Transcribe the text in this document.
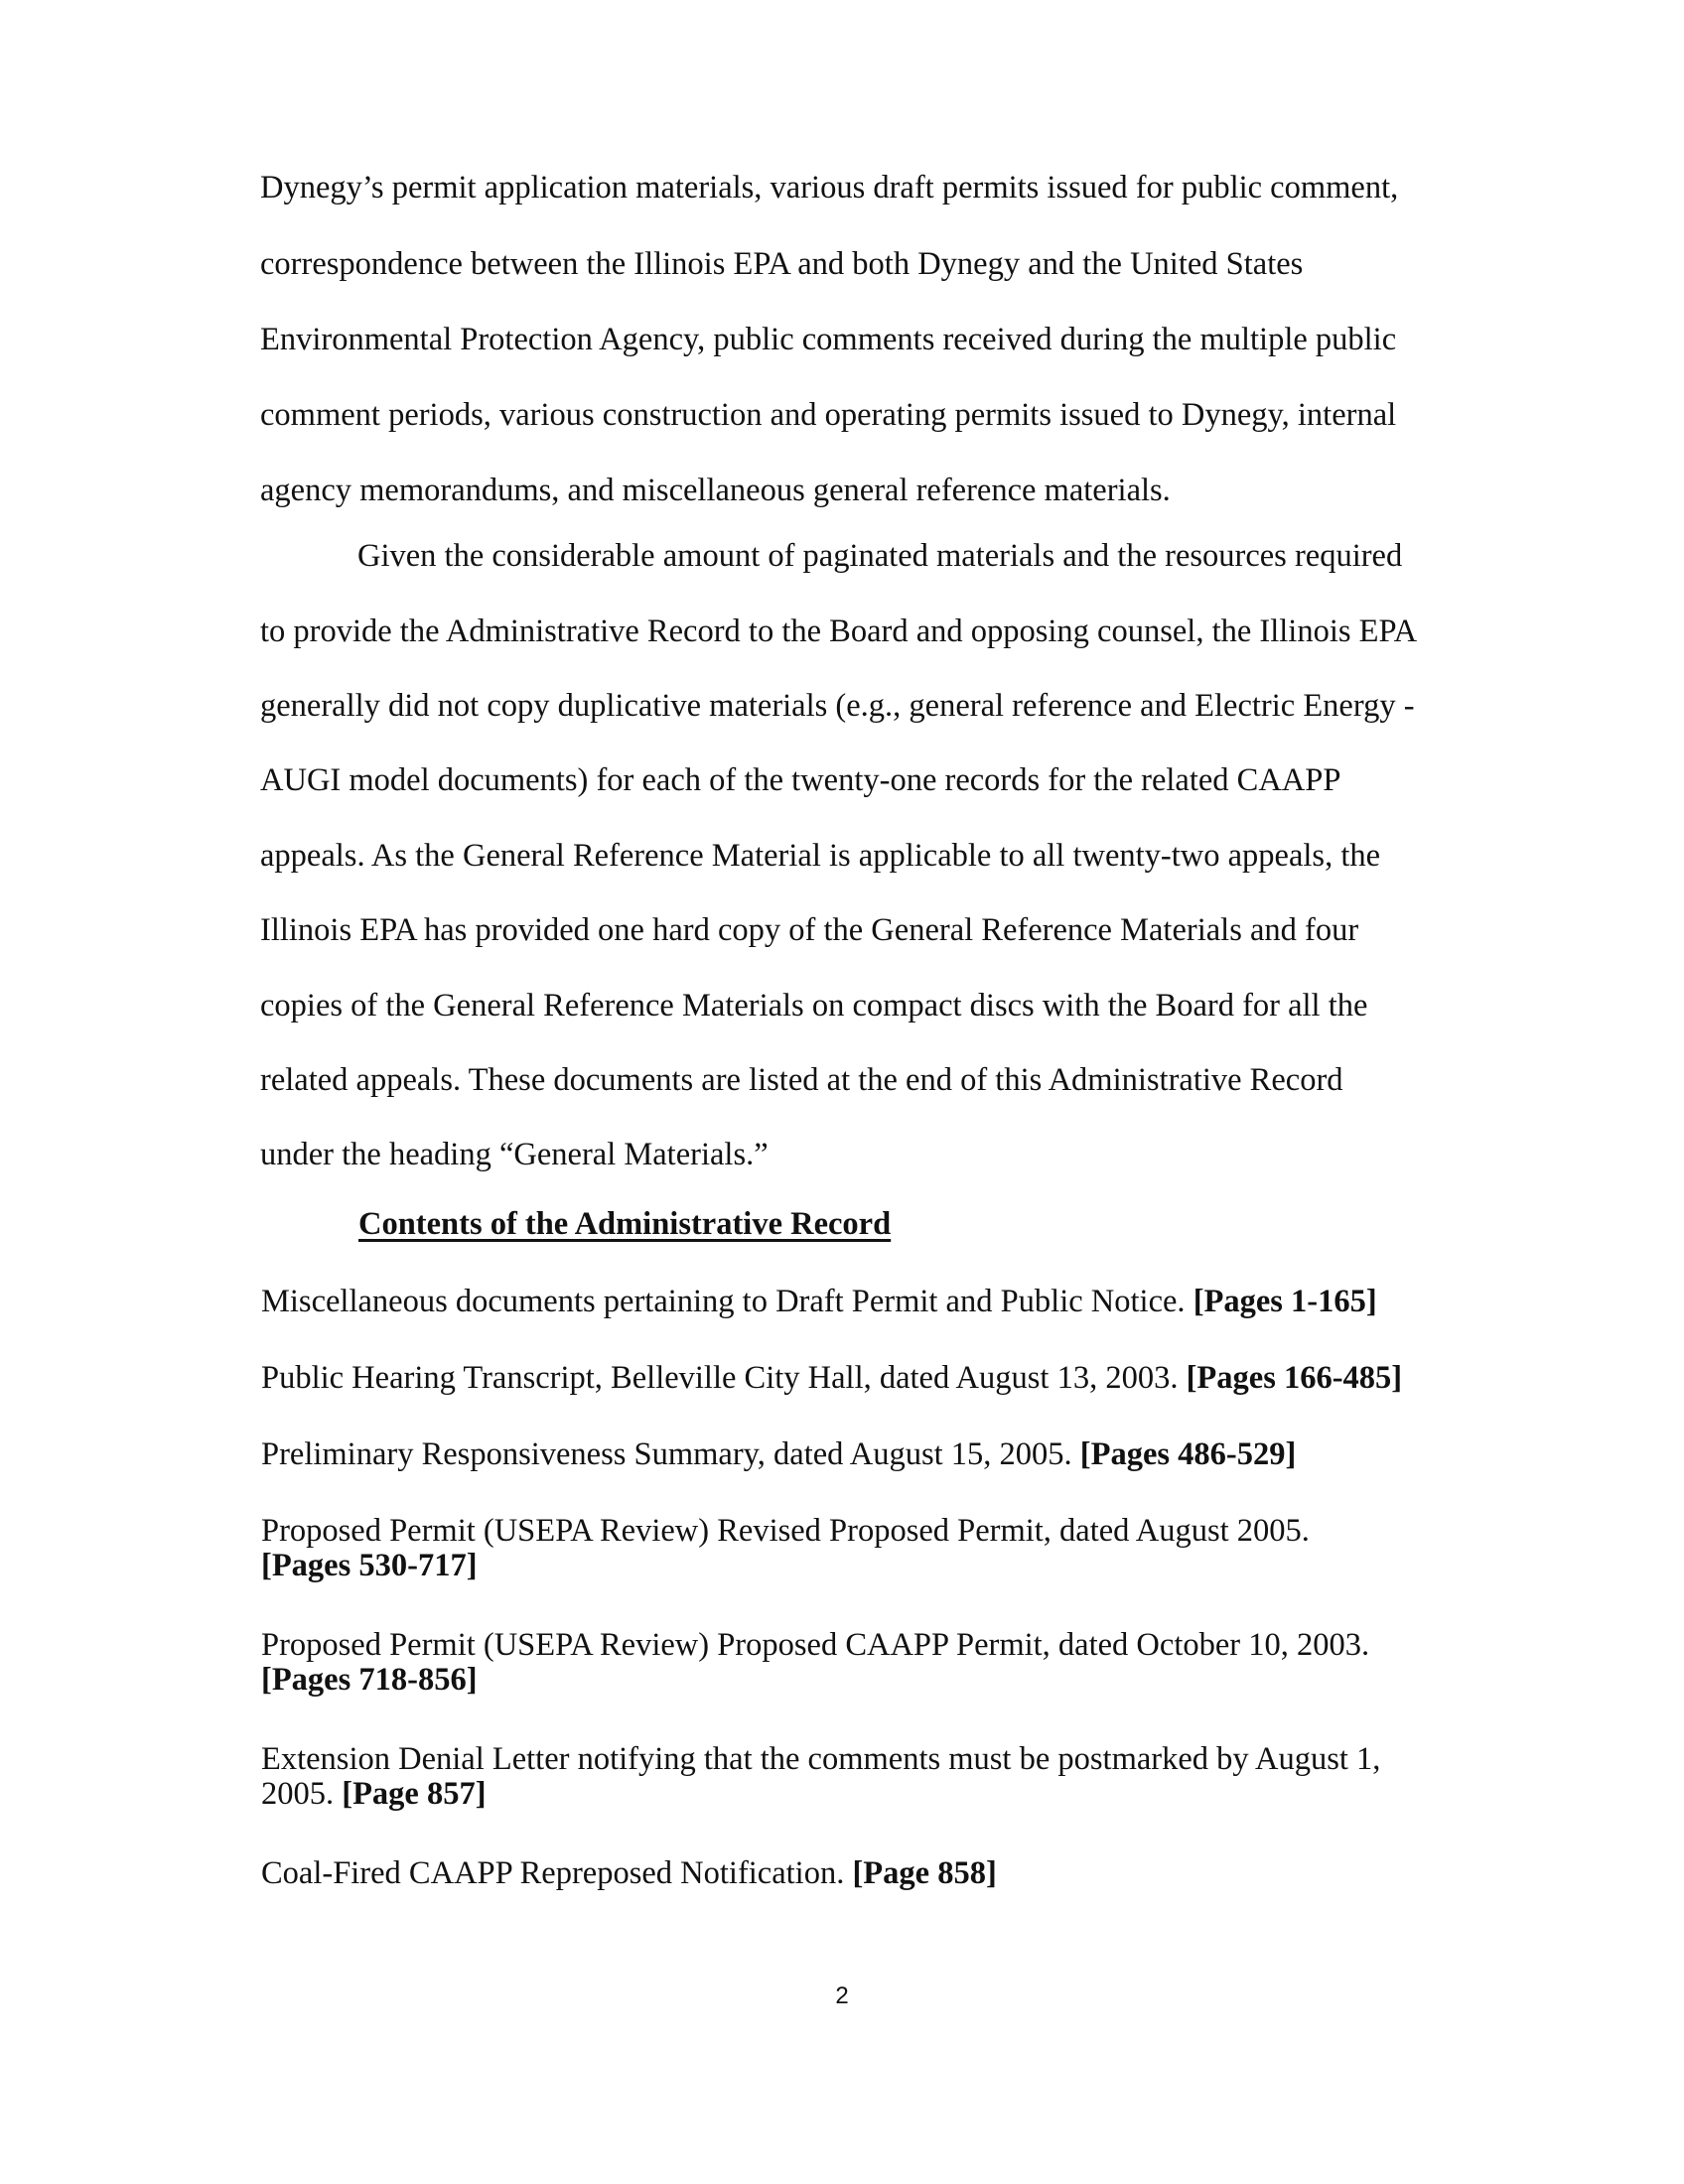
Dynegy’s permit application materials, various draft permits issued for public comment,
correspondence between the Illinois EPA and both Dynegy and the United States
Environmental Protection Agency, public comments received during the multiple public
comment periods, various construction and operating permits issued to Dynegy, internal
agency memorandums, and miscellaneous general reference materials.
Given the considerable amount of paginated materials and the resources required
to provide the Administrative Record to the Board and opposing counsel, the Illinois EPA
generally did not copy duplicative materials (e.g., general reference and Electric Energy -
AUGI model documents) for each of the twenty-one records for the related CAAPP
appeals. As the General Reference Material is applicable to all twenty-two appeals, the
Illinois EPA has provided one hard copy of the General Reference Materials and four
copies of the General Reference Materials on compact discs with the Board for all the
related appeals. These documents are listed at the end of this Administrative Record
under the heading “General Materials.”
Contents of the Administrative Record
Miscellaneous documents pertaining to Draft Permit and Public Notice. [Pages 1-165]
Public Hearing Transcript, Belleville City Hall, dated August 13, 2003. [Pages 166-485]
Preliminary Responsiveness Summary, dated August 15, 2005. [Pages 486-529]
Proposed Permit (USEPA Review) Revised Proposed Permit, dated August 2005.
[Pages 530-717]
Proposed Permit (USEPA Review) Proposed CAAPP Permit, dated October 10, 2003.
[Pages 718-856]
Extension Denial Letter notifying that the comments must be postmarked by August 1,
2005. [Page 857]
Coal-Fired CAAPP Repreposed Notification. [Page 858]
2
